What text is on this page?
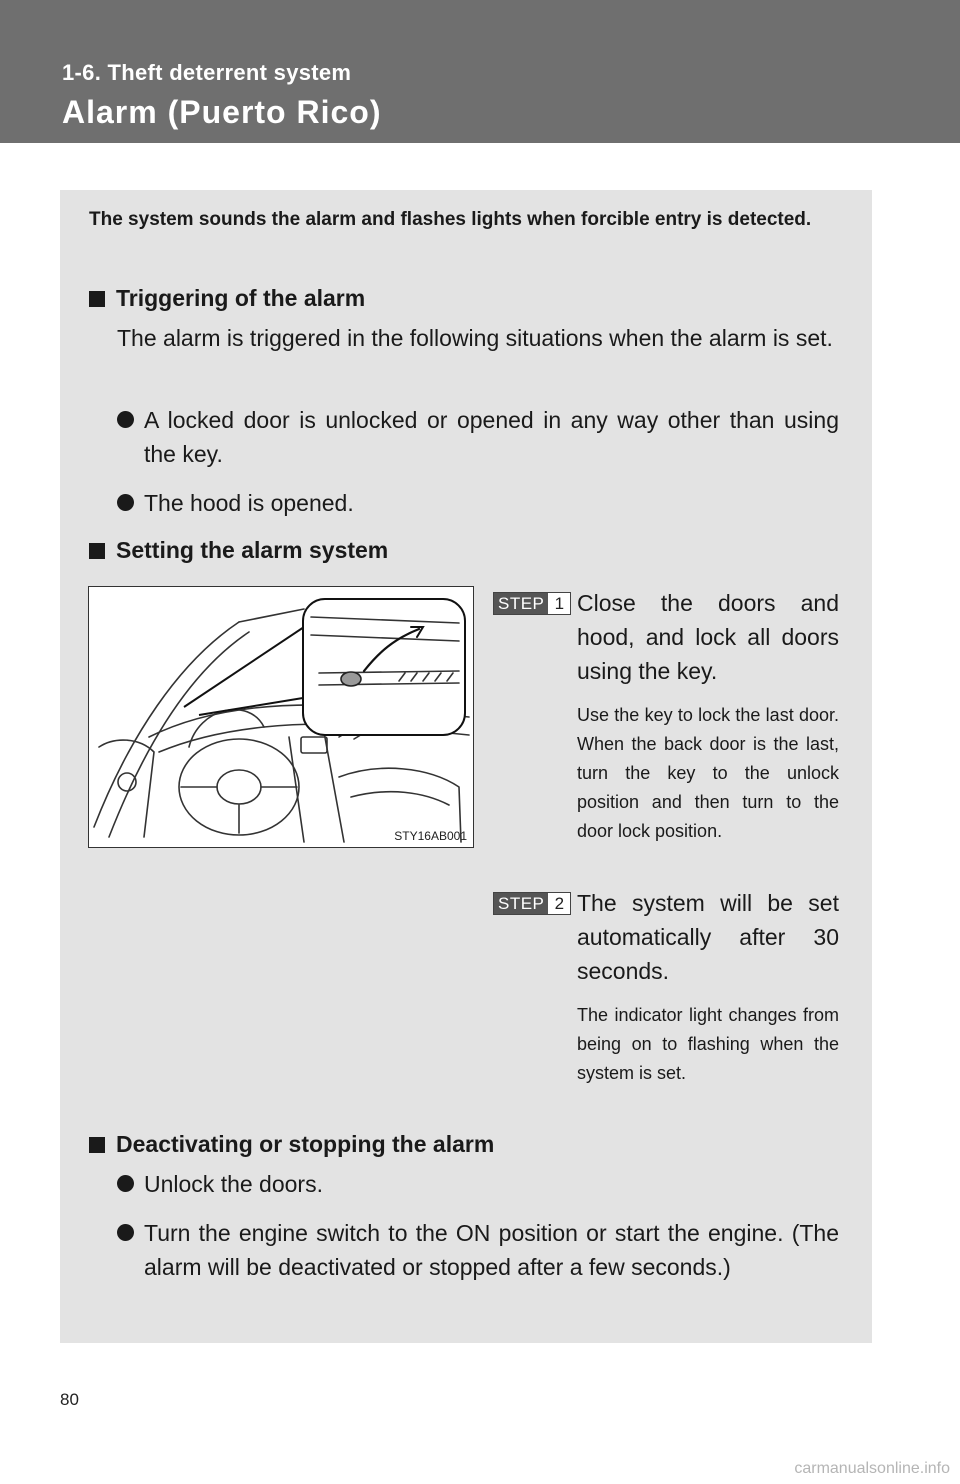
1-6. Theft deterrent system
Alarm (Puerto Rico)
The system sounds the alarm and flashes lights when forcible entry is detected.
Triggering of the alarm
The alarm is triggered in the following situations when the alarm is set.
A locked door is unlocked or opened in any way other than using the key.
The hood is opened.
Setting the alarm system
STY16AB001
STEP 1 Close the doors and hood, and lock all doors using the key.
Use the key to lock the last door. When the back door is the last, turn the key to the unlock position and then turn to the door lock position.
STEP 2 The system will be set automatically after 30 seconds.
The indicator light changes from being on to flashing when the system is set.
Deactivating or stopping the alarm
Unlock the doors.
Turn the engine switch to the ON position or start the engine. (The alarm will be deactivated or stopped after a few seconds.)
80
carmanualsonline.info
